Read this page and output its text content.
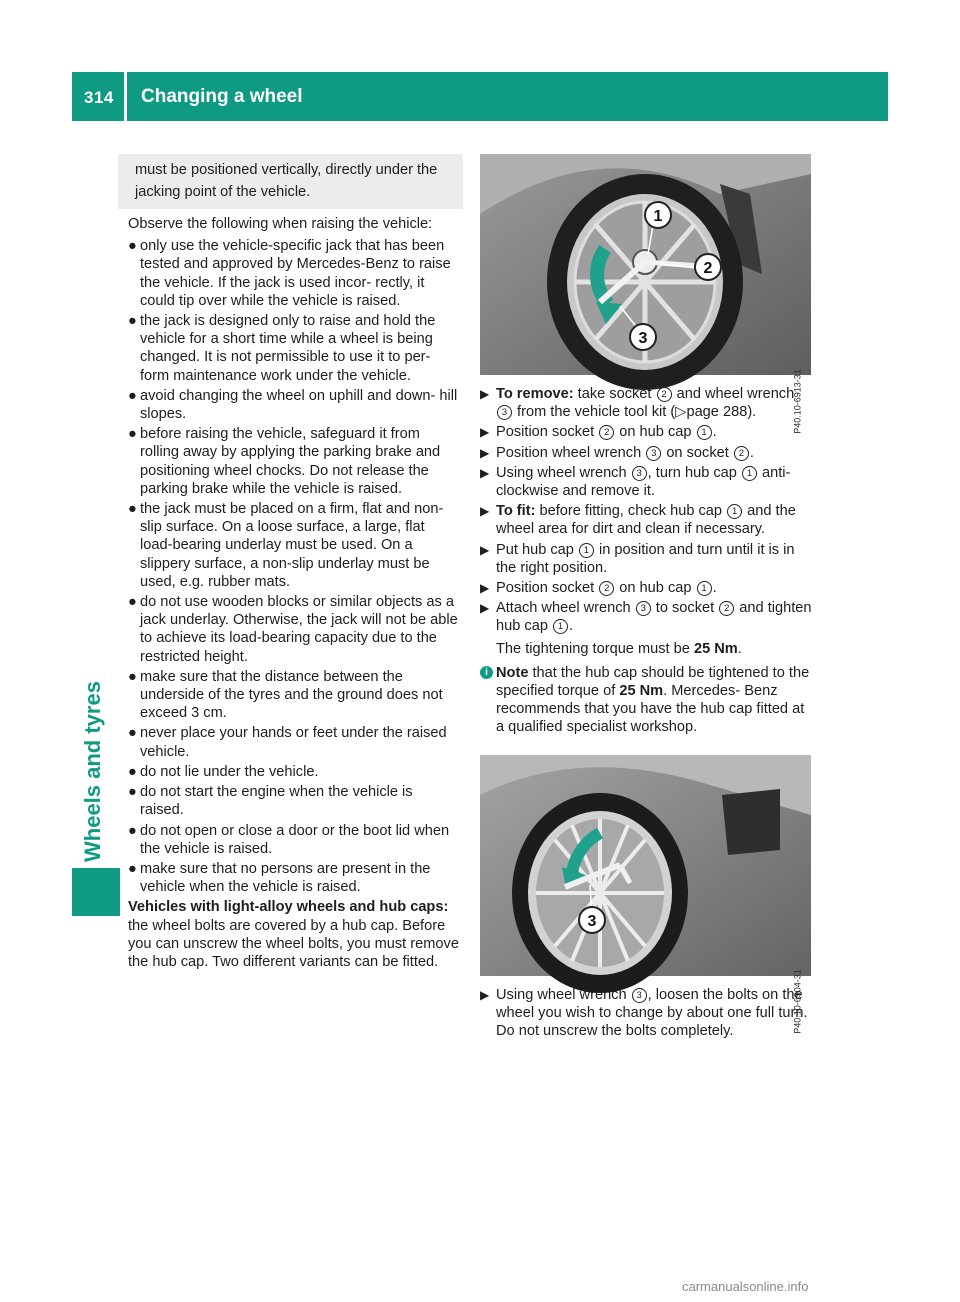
314 Changing a wheel
Wheels and tyres

must be positioned vertically, directly under the jacking point of the vehicle.

Observe the following when raising the vehicle:

● only use the vehicle-specific jack that has been tested and approved by Mercedes-Benz to raise the vehicle. If the jack is used incor- rectly, it could tip over while the vehicle is raised.
● the jack is designed only to raise and hold the vehicle for a short time while a wheel is being changed. It is not permissible to use it to per- form maintenance work under the vehicle.
● avoid changing the wheel on uphill and down- hill slopes.
● before raising the vehicle, safeguard it from rolling away by applying the parking brake and positioning wheel chocks. Do not release the parking brake while the vehicle is raised.
● the jack must be placed on a firm, flat and non-slip surface. On a loose surface, a large, flat load-bearing underlay must be used. On a slippery surface, a non-slip underlay must be used, e.g. rubber mats.
● do not use wooden blocks or similar objects as a jack underlay. Otherwise, the jack will not be able to achieve its load-bearing capacity due to the restricted height.
● make sure that the distance between the underside of the tyres and the ground does not exceed 3 cm.
● never place your hands or feet under the raised vehicle.
● do not lie under the vehicle.
● do not start the engine when the vehicle is raised.
● do not open or close a door or the boot lid when the vehicle is raised.
● make sure that no persons are present in the vehicle when the vehicle is raised.

Vehicles with light-alloy wheels and hub caps: the wheel bolts are covered by a hub cap. Before you can unscrew the wheel bolts, you must remove the hub cap. Two different variants can be fitted.

1
2
3
P40.10-6913-31
▶ To remove: take socket 2 and wheel wrench 3 from the vehicle tool kit (▷page 288).
▶ Position socket 2 on hub cap 1 .
▶ Position wheel wrench 3 on socket 2 .
▶ Using wheel wrench 3 , turn hub cap 1 anti- clockwise and remove it.
▶ To fit: before fitting, check hub cap 1 and the wheel area for dirt and clean if necessary.
▶ Put hub cap 1 in position and turn until it is in the right position.
▶ Position socket 2 on hub cap 1 .
▶ Attach wheel wrench 3 to socket 2 and tighten hub cap 1 .
The tightening torque must be 25 Nm.
i Note that the hub cap should be tightened to the specified torque of 25 Nm. Mercedes- Benz recommends that you have the hub cap fitted at a qualified specialist workshop.
3
P40.10-6904-31
▶ Using wheel wrench 3 , loosen the bolts on the wheel you wish to change by about one full turn. Do not unscrew the bolts completely.
carmanualsonline.info
